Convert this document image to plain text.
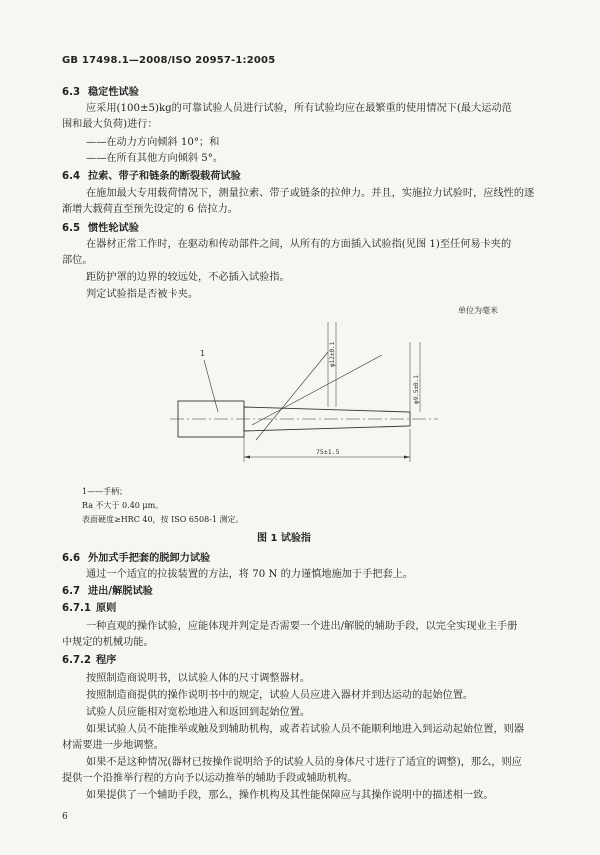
GB 17498.1—2008/ISO 20957-1:2005
6.3 稳定性试验
应采用(100±5)kg的可靠试验人员进行试验，所有试验均应在最繁重的使用情况下(最大运动范
围和最大负荷)进行：
——在动力方向倾斜 10°；和
——在所有其他方向倾斜 5°。
6.4 拉索、带子和链条的断裂载荷试验
在施加最大专用载荷情况下，测量拉索、带子或链条的拉伸力。并且，实施拉力试验时，应线性的逐
渐增大载荷直至预先设定的 6 倍拉力。
6.5 惯性轮试验
在器材正常工作时，在驱动和传动部件之间，从所有的方面插入试验指(见图 1)至任何易卡夹的
部位。
距防护罩的边界的较远处，不必插入试验指。
判定试验指是否被卡夹。
单位为毫米
1	φ12±0.1
φ9.5±0.1
75±1.5
1——手柄；
Ra 不大于 0.40 μm。
表面硬度≥HRC 40，按 ISO 6508-1 测定。
图 1 试验指
6.6 外加式手把套的脱卸力试验
通过一个适宜的拉拔装置的方法，将 70 N 的力谨慎地施加于手把套上。
6.7 进出/解脱试验
6.7.1 原则
一种直观的操作试验，应能体现并判定是否需要一个进出/解脱的辅助手段，以完全实现业主手册
中规定的机械功能。
6.7.2 程序
按照制造商说明书，以试验人体的尺寸调整器材。
按照制造商提供的操作说明书中的规定，试验人员应进入器材并到达运动的起始位置。
试验人员应能相对宽松地进入和返回到起始位置。
如果试验人员不能推举或触及到辅助机构，或者若试验人员不能顺利地进入到运动起始位置，则器
材需要进一步地调整。
如果不是这种情况(器材已按操作说明给予的试验人员的身体尺寸进行了适宜的调整)，那么，则应
提供一个沿推举行程的方向予以运动推举的辅助手段或辅助机构。
如果提供了一个辅助手段，那么，操作机构及其性能保障应与其操作说明中的描述相一致。
6
